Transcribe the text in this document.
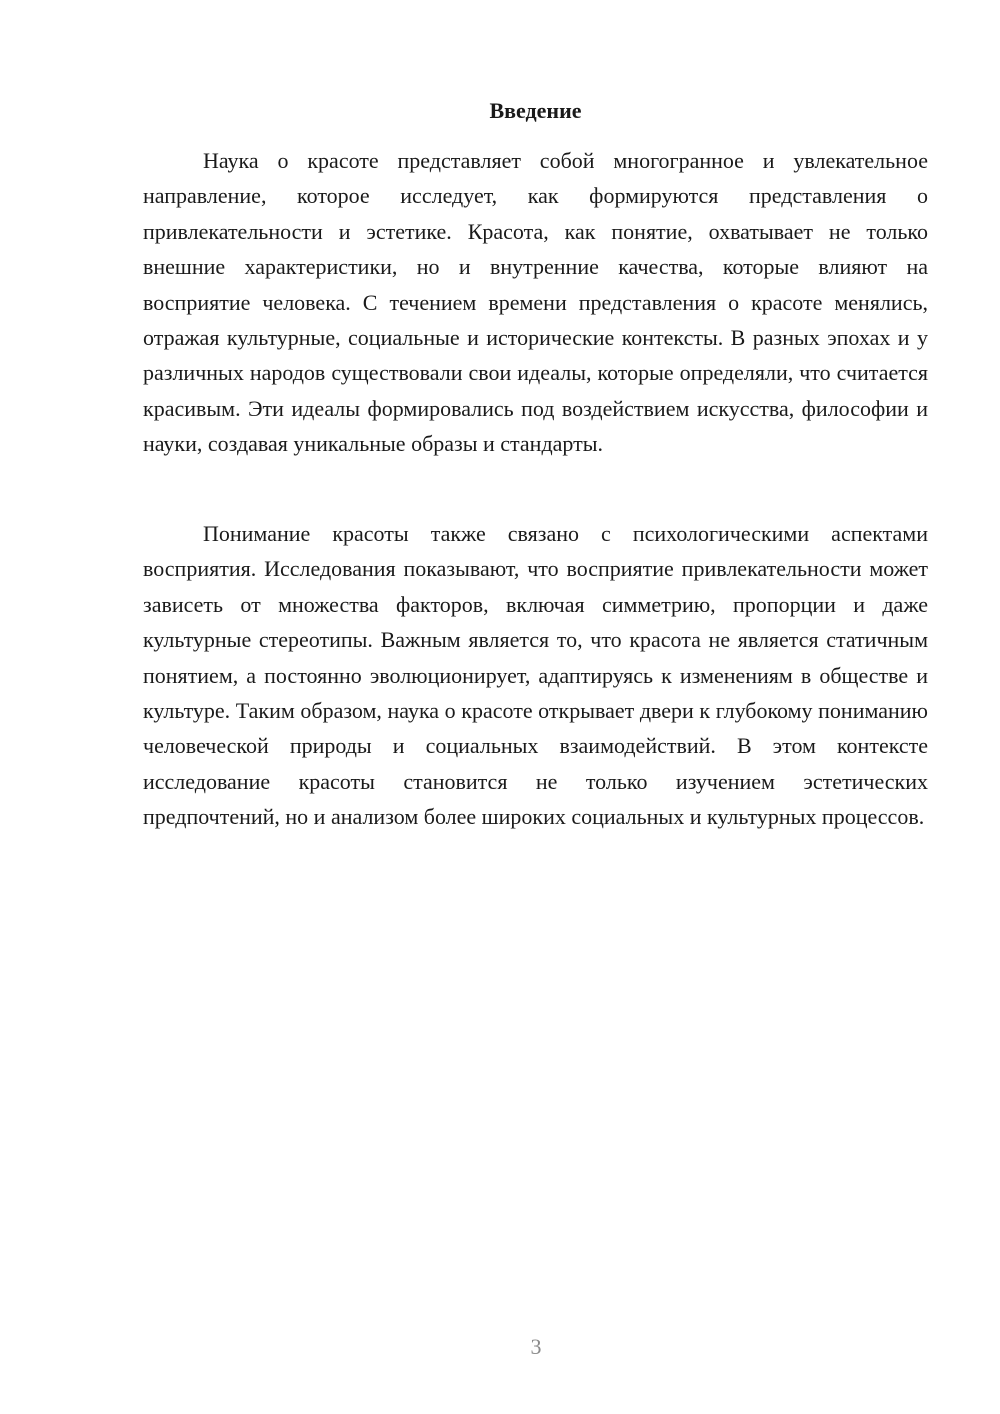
Введение

Наука о красоте представляет собой многогранное и увлекательное направление, которое исследует, как формируются представления о привлекательности и эстетике. Красота, как понятие, охватывает не только внешние характеристики, но и внутренние качества, которые влияют на восприятие человека. С течением времени представления о красоте менялись, отражая культурные, социальные и исторические контексты. В разных эпохах и у различных народов существовали свои идеалы, которые определяли, что считается красивым. Эти идеалы формировались под воздействием искусства, философии и науки, создавая уникальные образы и стандарты.

Понимание красоты также связано с психологическими аспектами восприятия. Исследования показывают, что восприятие привлекательности может зависеть от множества факторов, включая симметрию, пропорции и даже культурные стереотипы. Важным является то, что красота не является статичным понятием, а постоянно эволюционирует, адаптируясь к изменениям в обществе и культуре. Таким образом, наука о красоте открывает двери к глубокому пониманию человеческой природы и социальных взаимодействий. В этом контексте исследование красоты становится не только изучением эстетических предпочтений, но и анализом более широких социальных и культурных процессов.

3
